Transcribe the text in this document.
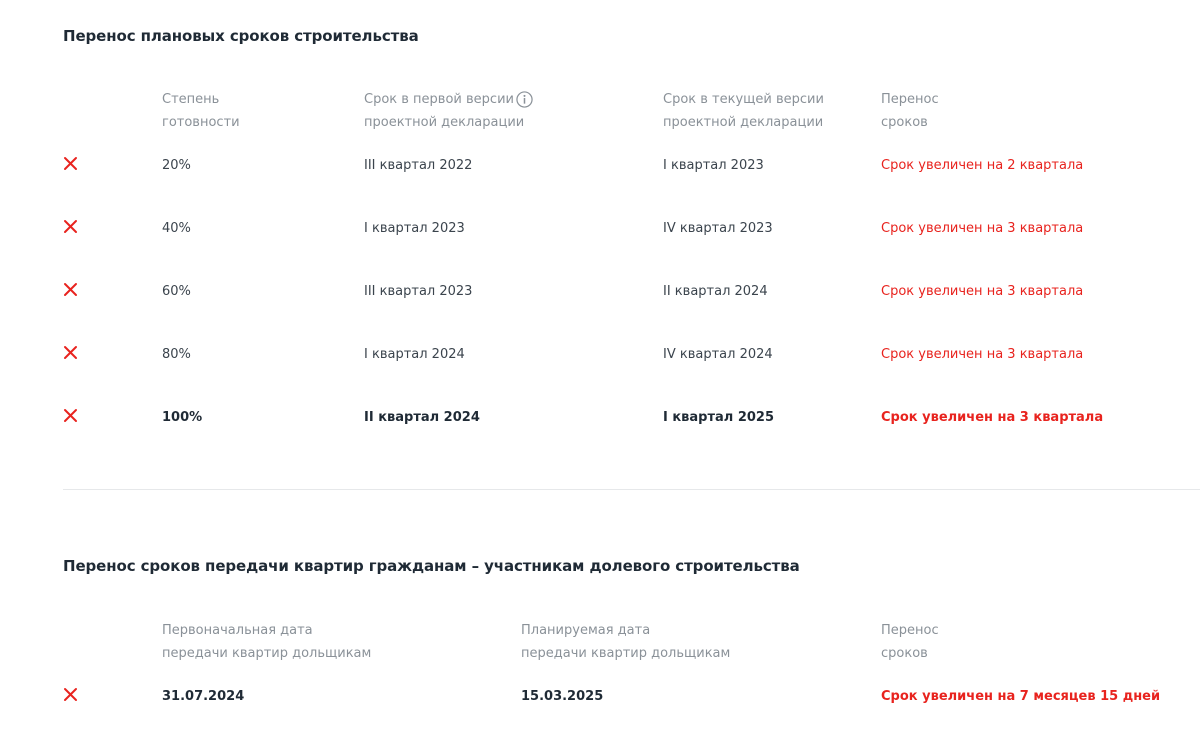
Перенос плановых сроков строительства
Степень
готовности
Срок в первой версии
проектной декларации
Срок в текущей версии
проектной декларации
Перенос
сроков
20%	III квартал 2022	I квартал 2023	Срок увеличен на 2 квартала
40%	I квартал 2023	IV квартал 2023	Срок увеличен на 3 квартала
60%	III квартал 2023	II квартал 2024	Срок увеличен на 3 квартала
80%	I квартал 2024	IV квартал 2024	Срок увеличен на 3 квартала
100%	II квартал 2024	I квартал 2025	Срок увеличен на 3 квартала
Перенос сроков передачи квартир гражданам – участникам долевого строительства
Первоначальная дата
передачи квартир дольщикам
Планируемая дата
передачи квартир дольщикам
Перенос
сроков
31.07.2024	15.03.2025	Срок увеличен на 7 месяцев 15 дней
